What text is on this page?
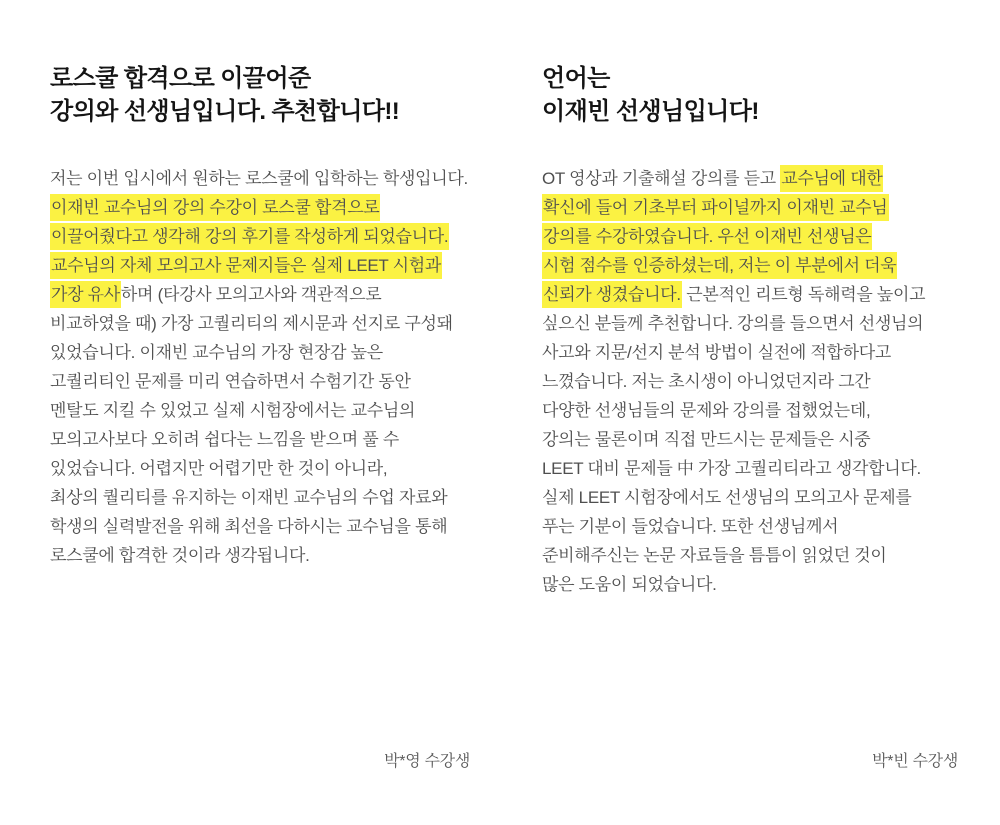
로스쿨 합격으로 이끌어준
강의와 선생님입니다. 추천합니다!!
저는 이번 입시에서 원하는 로스쿨에 입학하는 학생입니다.
이재빈 교수님의 강의 수강이 로스쿨 합격으로
이끌어줬다고 생각해 강의 후기를 작성하게 되었습니다.
교수님의 자체 모의고사 문제지들은 실제 LEET 시험과
가장 유사하며 (타강사 모의고사와 객관적으로
비교하였을 때) 가장 고퀄리티의 제시문과 선지로 구성돼
있었습니다. 이재빈 교수님의 가장 현장감 높은
고퀄리티인 문제를 미리 연습하면서 수험기간 동안
멘탈도 지킬 수 있었고 실제 시험장에서는 교수님의
모의고사보다 오히려 쉽다는 느낌을 받으며 풀 수
있었습니다. 어렵지만 어렵기만 한 것이 아니라,
최상의 퀄리티를 유지하는 이재빈 교수님의 수업 자료와
학생의 실력발전을 위해 최선을 다하시는 교수님을 통해
로스쿨에 합격한 것이라 생각됩니다.
박*영 수강생
언어는
이재빈 선생님입니다!
OT 영상과 기출해설 강의를 듣고 교수님에 대한
확신에 들어 기초부터 파이널까지 이재빈 교수님
강의를 수강하였습니다. 우선 이재빈 선생님은
시험 점수를 인증하셨는데, 저는 이 부분에서 더욱
신뢰가 생겼습니다. 근본적인 리트형 독해력을 높이고
싶으신 분들께 추천합니다. 강의를 들으면서 선생님의
사고와 지문/선지 분석 방법이 실전에 적합하다고
느꼈습니다. 저는 초시생이 아니었던지라 그간
다양한 선생님들의 문제와 강의를 접했었는데,
강의는 물론이며 직접 만드시는 문제들은 시중
LEET 대비 문제들 中 가장 고퀄리티라고 생각합니다.
실제 LEET 시험장에서도 선생님의 모의고사 문제를
푸는 기분이 들었습니다. 또한 선생님께서
준비해주신는 논문 자료들을 틈틈이 읽었던 것이
많은 도움이 되었습니다.
박*빈 수강생
